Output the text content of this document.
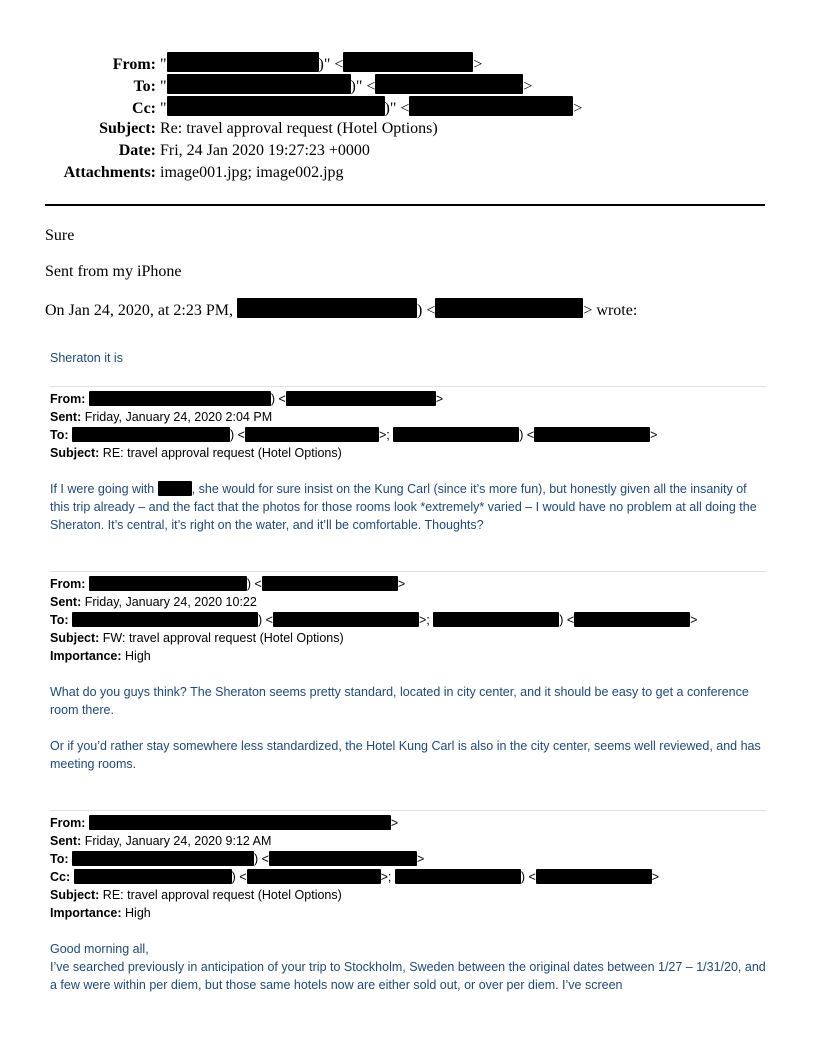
From: "	)" <	>
To: "	)" <	>
Cc: "	)" <	>
Subject: Re: travel approval request (Hotel Options)
Date: Fri, 24 Jan 2020 19:27:23 +0000
Attachments: image001.jpg; image002.jpg
Sure
Sent from my iPhone
On Jan 24, 2020, at 2:23 PM,	) <	> wrote:
Sheraton it is
From:	) <	>
Sent: Friday, January 24, 2020 2:04 PM
To:	) <	>;	) <	>
Subject: RE: travel approval request (Hotel Options)
If I were going with	, she would for sure insist on the Kung Carl (since it’s more fun), but honestly given all the insanity of this trip already – and the fact that the photos for those rooms look *extremely* varied – I would have no problem at all doing the Sheraton. It’s central, it’s right on the water, and it’ll be comfortable. Thoughts?
From:	) <	>
Sent: Friday, January 24, 2020 10:22
To:	) <	>;	) <	>
Subject: FW: travel approval request (Hotel Options)
Importance: High
What do you guys think? The Sheraton seems pretty standard, located in city center, and it should be easy to get a conference room there.
Or if you’d rather stay somewhere less standardized, the Hotel Kung Carl is also in the city center, seems well reviewed, and has meeting rooms.
From:	>
Sent: Friday, January 24, 2020 9:12 AM
To:	) <	>
Cc:	) <	>;	) <	>
Subject: RE: travel approval request (Hotel Options)
Importance: High
Good morning all,
I’ve searched previously in anticipation of your trip to Stockholm, Sweden between the original dates between 1/27 – 1/31/20, and a few were within per diem, but those same hotels now are either sold out, or over per diem. I’ve screen
